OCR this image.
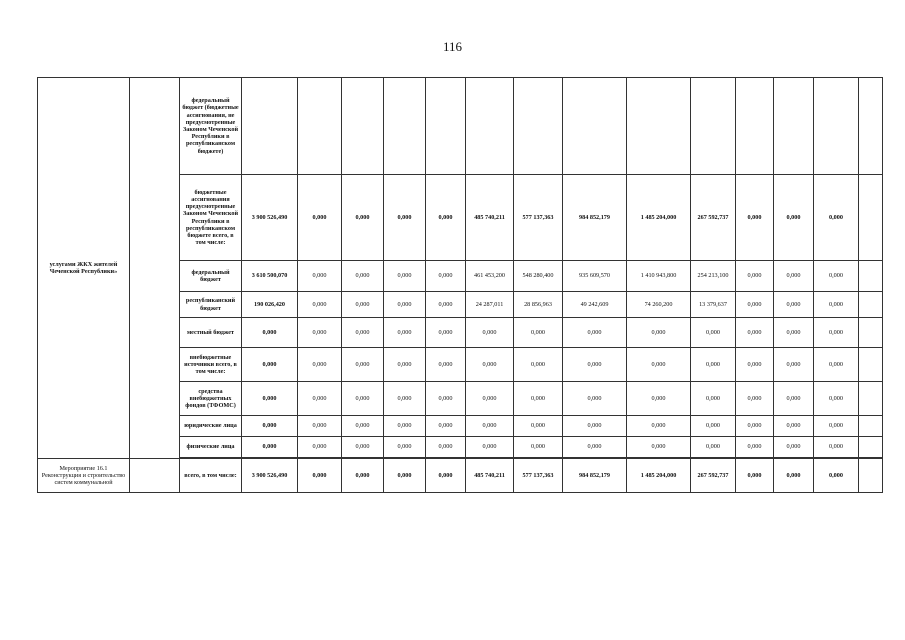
116
услугами ЖКХ жителей Чеченской Республики»		федеральный бюджет (бюджетные ассигнования, не предусмотренные Законом Чеченской Республики в республиканском бюджете)														
		бюджетные ассигнования предусмотренные Законом Чеченской Республики в республиканском бюджете всего, в том числе:	3 900 526,490	0,000	0,000	0,000	0,000	485 740,211	577 137,363	984 852,179	1 485 204,000	267 592,737	0,000	0,000	0,000	
		федеральный бюджет	3 610 500,070	0,000	0,000	0,000	0,000	461 453,200	548 280,400	935 609,570	1 410 943,800	254 213,100	0,000	0,000	0,000	
		республиканский бюджет	190 026,420	0,000	0,000	0,000	0,000	24 287,011	28 856,963	49 242,609	74 260,200	13 379,637	0,000	0,000	0,000	
		местный бюджет	0,000	0,000	0,000	0,000	0,000	0,000	0,000	0,000	0,000	0,000	0,000	0,000	0,000	
		внебюджетные источники всего, в том числе:	0,000	0,000	0,000	0,000	0,000	0,000	0,000	0,000	0,000	0,000	0,000	0,000	0,000	
		средства внебюджетных фондов (ТФОМС)	0,000	0,000	0,000	0,000	0,000	0,000	0,000	0,000	0,000	0,000	0,000	0,000	0,000	
		юридические лица	0,000	0,000	0,000	0,000	0,000	0,000	0,000	0,000	0,000	0,000	0,000	0,000	0,000	
		физические лица	0,000	0,000	0,000	0,000	0,000	0,000	0,000	0,000	0,000	0,000	0,000	0,000	0,000	

Мероприятие 16.1 Реконструкция и строительство систем коммунальной		всего, в том числе:	3 900 526,490	0,000	0,000	0,000	0,000	485 740,211	577 137,363	984 852,179	1 485 204,000	267 592,737	0,000	0,000	0,000	
